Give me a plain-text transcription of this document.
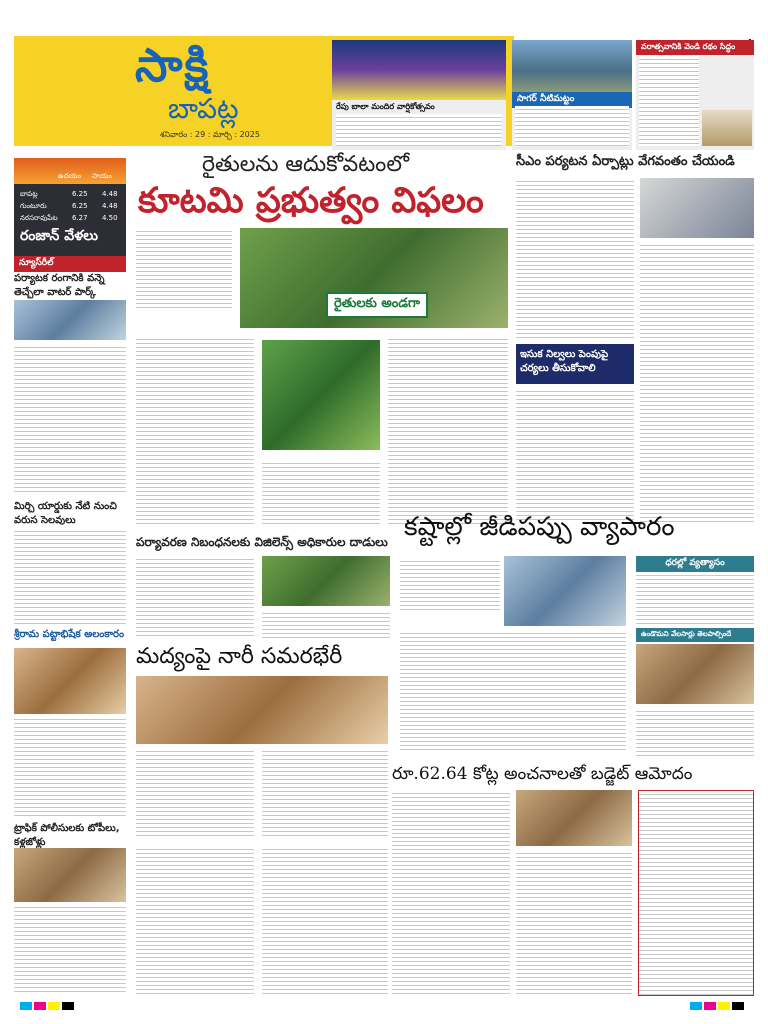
సాక్షి
బాపట్ల
శనివారం : 29 : మార్చి : 2025
రేపు బాలా మందిర వార్షికోత్సవం
సాగర్ నీటిమట్టం
వరాత్సవానికి వెండి రథం సిద్ధం
ఉదయం సాయం
బాపట్ల	6.25 4.48
గుంటూరు	6.25 4.48
నరసరావుపేట 6.27 4.50
రంజాన్ వేళలు
రైతులను ఆదుకోవటంలో
కూటమి ప్రభుత్వం విఫలం
రైతులకు అండగా
న్యూస్‌రీల్
పర్యాటక రంగానికి వన్నె తెచ్చేలా వాటర్ పార్క్
మిర్చి యార్డుకు నేటి నుంచి వరుస సెలవులు
శ్రీరామ పట్టాభిషేక అలంకారం
ట్రాఫిక్ పోలీసులకు టోపీలు, కళ్లజోళ్లు
సీఎం పర్యటన ఏర్పాట్లు వేగవంతం చేయండి
ఇసుక నిల్వలు పెంపుపై చర్యలు తీసుకోవాలి
పర్యావరణ నిబంధనలకు విజిలెన్స్ అధికారుల దాడులు కష్టాల్లో జీడిపప్పు వ్యాపారం
ధరల్లో వ్యత్యాసం
ఉండొమని వేలసార్లు తెలపాల్సిందే
మద్యంపై నారీ సమరభేరీ
రూ.62.64 కోట్ల అంచనాలతో బడ్జెట్ ఆమోదం
